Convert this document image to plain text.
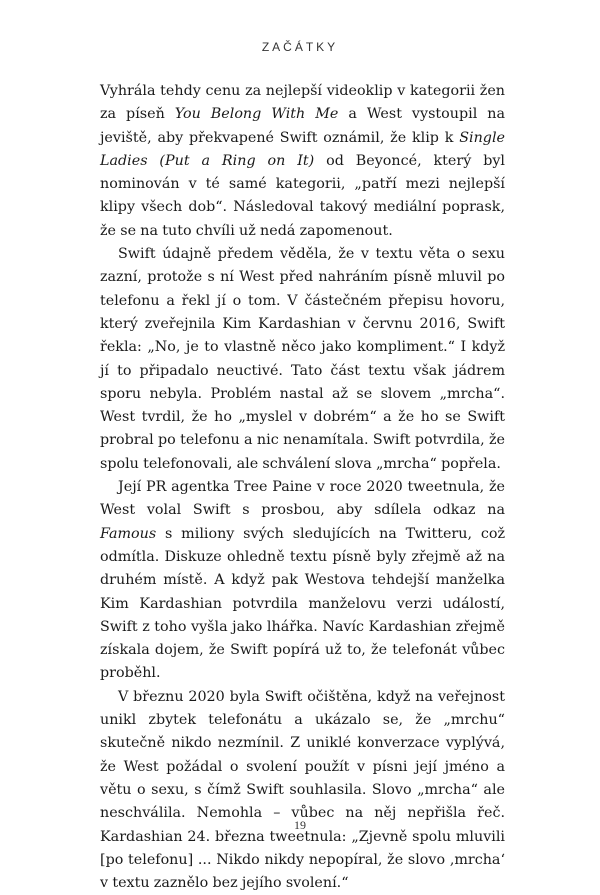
ZAČÁTKY

Vyhrála tehdy cenu za nejlepší videoklip v kategorii žen za píseň You Belong With Me a West vystoupil na jeviště, aby překvapené Swift oznámil, že klip k Single Ladies (Put a Ring on It) od Beyoncé, který byl nominován v té samé kategorii, „patří mezi nejlepší klipy všech dob“. Následoval takový mediální poprask, že se na tuto chvíli už nedá zapomenout.

Swift údajně předem věděla, že v textu věta o sexu zazní, protože s ní West před nahráním písně mluvil po telefonu a řekl jí o tom. V částečném přepisu hovoru, který zveřejnila Kim Kardashian v červnu 2016, Swift řekla: „No, je to vlastně něco jako kompliment.“ I když jí to připadalo neuctivé. Tato část textu však jádrem sporu nebyla. Problém nastal až se slovem „mrcha“. West tvrdil, že ho „myslel v dobrém“ a že ho se Swift probral po telefonu a nic nenamítala. Swift potvrdila, že spolu telefonovali, ale schválení slova „mrcha“ popřela.

Její PR agentka Tree Paine v roce 2020 tweetnula, že West volal Swift s prosbou, aby sdílela odkaz na Famous s miliony svých sledujících na Twitteru, což odmítla. Diskuze ohledně textu písně byly zřejmě až na druhém místě. A když pak Westova tehdejší manželka Kim Kardashian potvrdila manželovu verzi událostí, Swift z toho vyšla jako lhářka. Navíc Kardashian zřejmě získala dojem, že Swift popírá už to, že telefonát vůbec proběhl.

V březnu 2020 byla Swift očištěna, když na veřejnost unikl zbytek telefonátu a ukázalo se, že „mrchu“ skutečně nikdo nezmínil. Z uniklé konverzace vyplývá, že West požádal o svolení použít v písni její jméno a větu o sexu, s čímž Swift souhlasila. Slovo „mrcha“ ale neschválila. Nemohla – vůbec na něj nepřišla řeč. Kardashian 24. března tweetnula: „Zjevně spolu mluvili [po telefonu] ... Nikdo nikdy nepopíral, že slovo ‚mrcha‘ v textu zaznělo bez jejího svolení.“

19
